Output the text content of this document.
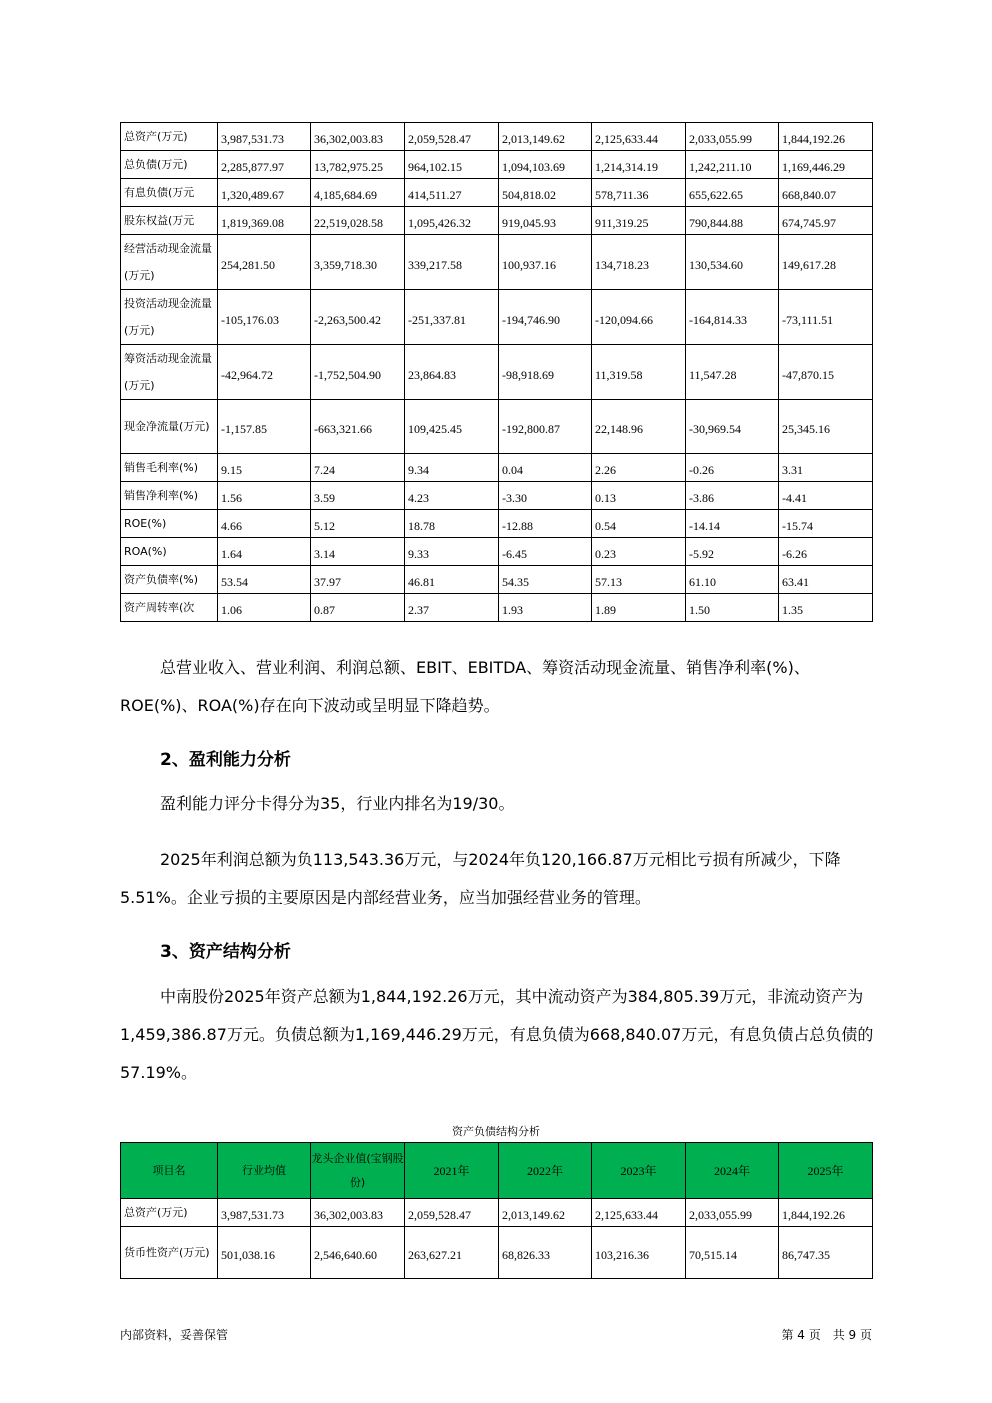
总资产(万元)	3,987,531.73	36,302,003.83	2,059,528.47	2,013,149.62	2,125,633.44	2,033,055.99	1,844,192.26
总负债(万元)	2,285,877.97	13,782,975.25	964,102.15	1,094,103.69	1,214,314.19	1,242,211.10	1,169,446.29
有息负债(万元	1,320,489.67	4,185,684.69	414,511.27	504,818.02	578,711.36	655,622.65	668,840.07
股东权益(万元	1,819,369.08	22,519,028.58	1,095,426.32	919,045.93	911,319.25	790,844.88	674,745.97
经营活动现金流量(万元)	254,281.50	3,359,718.30	339,217.58	100,937.16	134,718.23	130,534.60	149,617.28
投资活动现金流量(万元)	-105,176.03	-2,263,500.42	-251,337.81	-194,746.90	-120,094.66	-164,814.33	-73,111.51
筹资活动现金流量(万元)	-42,964.72	-1,752,504.90	23,864.83	-98,918.69	11,319.58	11,547.28	-47,870.15
现金净流量(万元)	-1,157.85	-663,321.66	109,425.45	-192,800.87	22,148.96	-30,969.54	25,345.16
销售毛利率(%)	9.15	7.24	9.34	0.04	2.26	-0.26	3.31
销售净利率(%)	1.56	3.59	4.23	-3.30	0.13	-3.86	-4.41
ROE(%)	4.66	5.12	18.78	-12.88	0.54	-14.14	-15.74
ROA(%)	1.64	3.14	9.33	-6.45	0.23	-5.92	-6.26
资产负债率(%)	53.54	37.97	46.81	54.35	57.13	61.10	63.41
资产周转率(次	1.06	0.87	2.37	1.93	1.89	1.50	1.35

总营业收入、营业利润、利润总额、EBIT、EBITDA、筹资活动现金流量、销售净利率(%)、ROE(%)、ROA(%)存在向下波动或呈明显下降趋势。

2、盈利能力分析

盈利能力评分卡得分为35，行业内排名为19/30。

2025年利润总额为负113,543.36万元，与2024年负120,166.87万元相比亏损有所减少，下降5.51%。企业亏损的主要原因是内部经营业务，应当加强经营业务的管理。

3、资产结构分析

中南股份2025年资产总额为1,844,192.26万元，其中流动资产为384,805.39万元，非流动资产为1,459,386.87万元。负债总额为1,169,446.29万元，有息负债为668,840.07万元，有息负债占总负债的57.19%。

资产负债结构分析
项目名	行业均值	龙头企业值(宝钢股份)	2021年	2022年	2023年	2024年	2025年
总资产(万元)	3,987,531.73	36,302,003.83	2,059,528.47	2,013,149.62	2,125,633.44	2,033,055.99	1,844,192.26
货币性资产(万元)	501,038.16	2,546,640.60	263,627.21	68,826.33	103,216.36	70,515.14	86,747.35
内部资料，妥善保管	第 4 页　共 9 页
